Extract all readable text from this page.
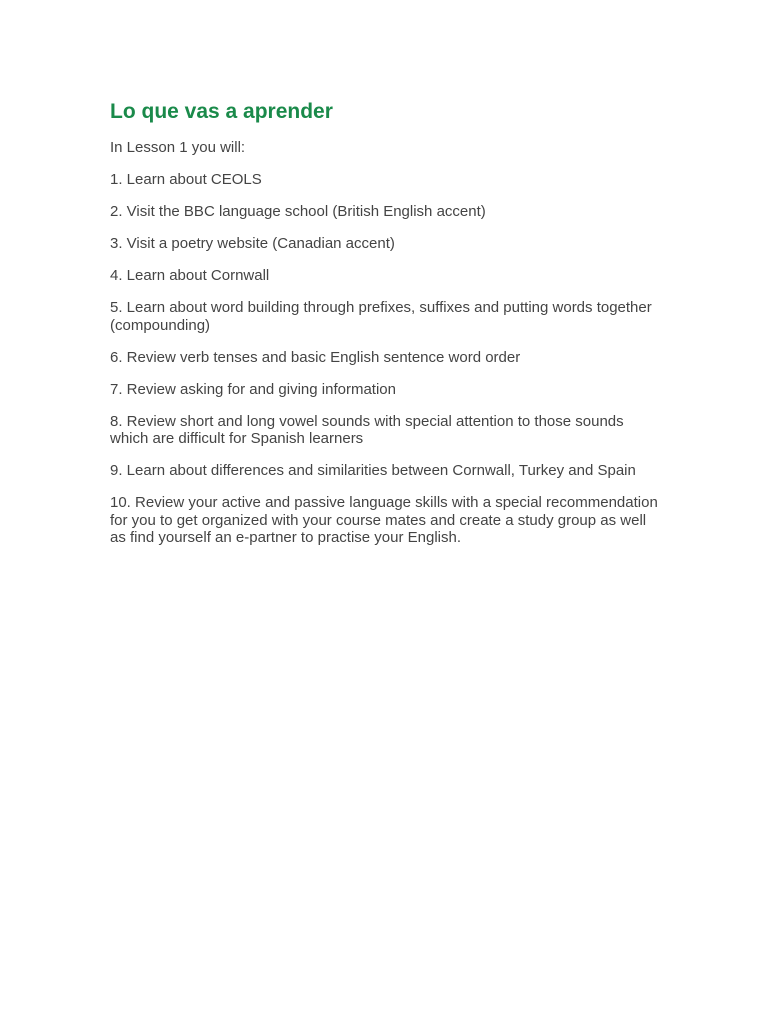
Lo que vas a aprender

In Lesson 1 you will:

1. Learn about CEOLS
2. Visit the BBC language school (British English accent)
3. Visit a poetry website (Canadian accent)
4. Learn about Cornwall
5. Learn about word building through prefixes, suffixes and putting words together (compounding)
6. Review verb tenses and basic English sentence word order
7. Review asking for and giving information
8. Review short and long vowel sounds with special attention to those sounds which are difficult for Spanish learners
9. Learn about differences and similarities between Cornwall, Turkey and Spain
10. Review your active and passive language skills with a special recommendation for you to get organized with your course mates and create a study group as well as find yourself an e-partner to practise your English.
